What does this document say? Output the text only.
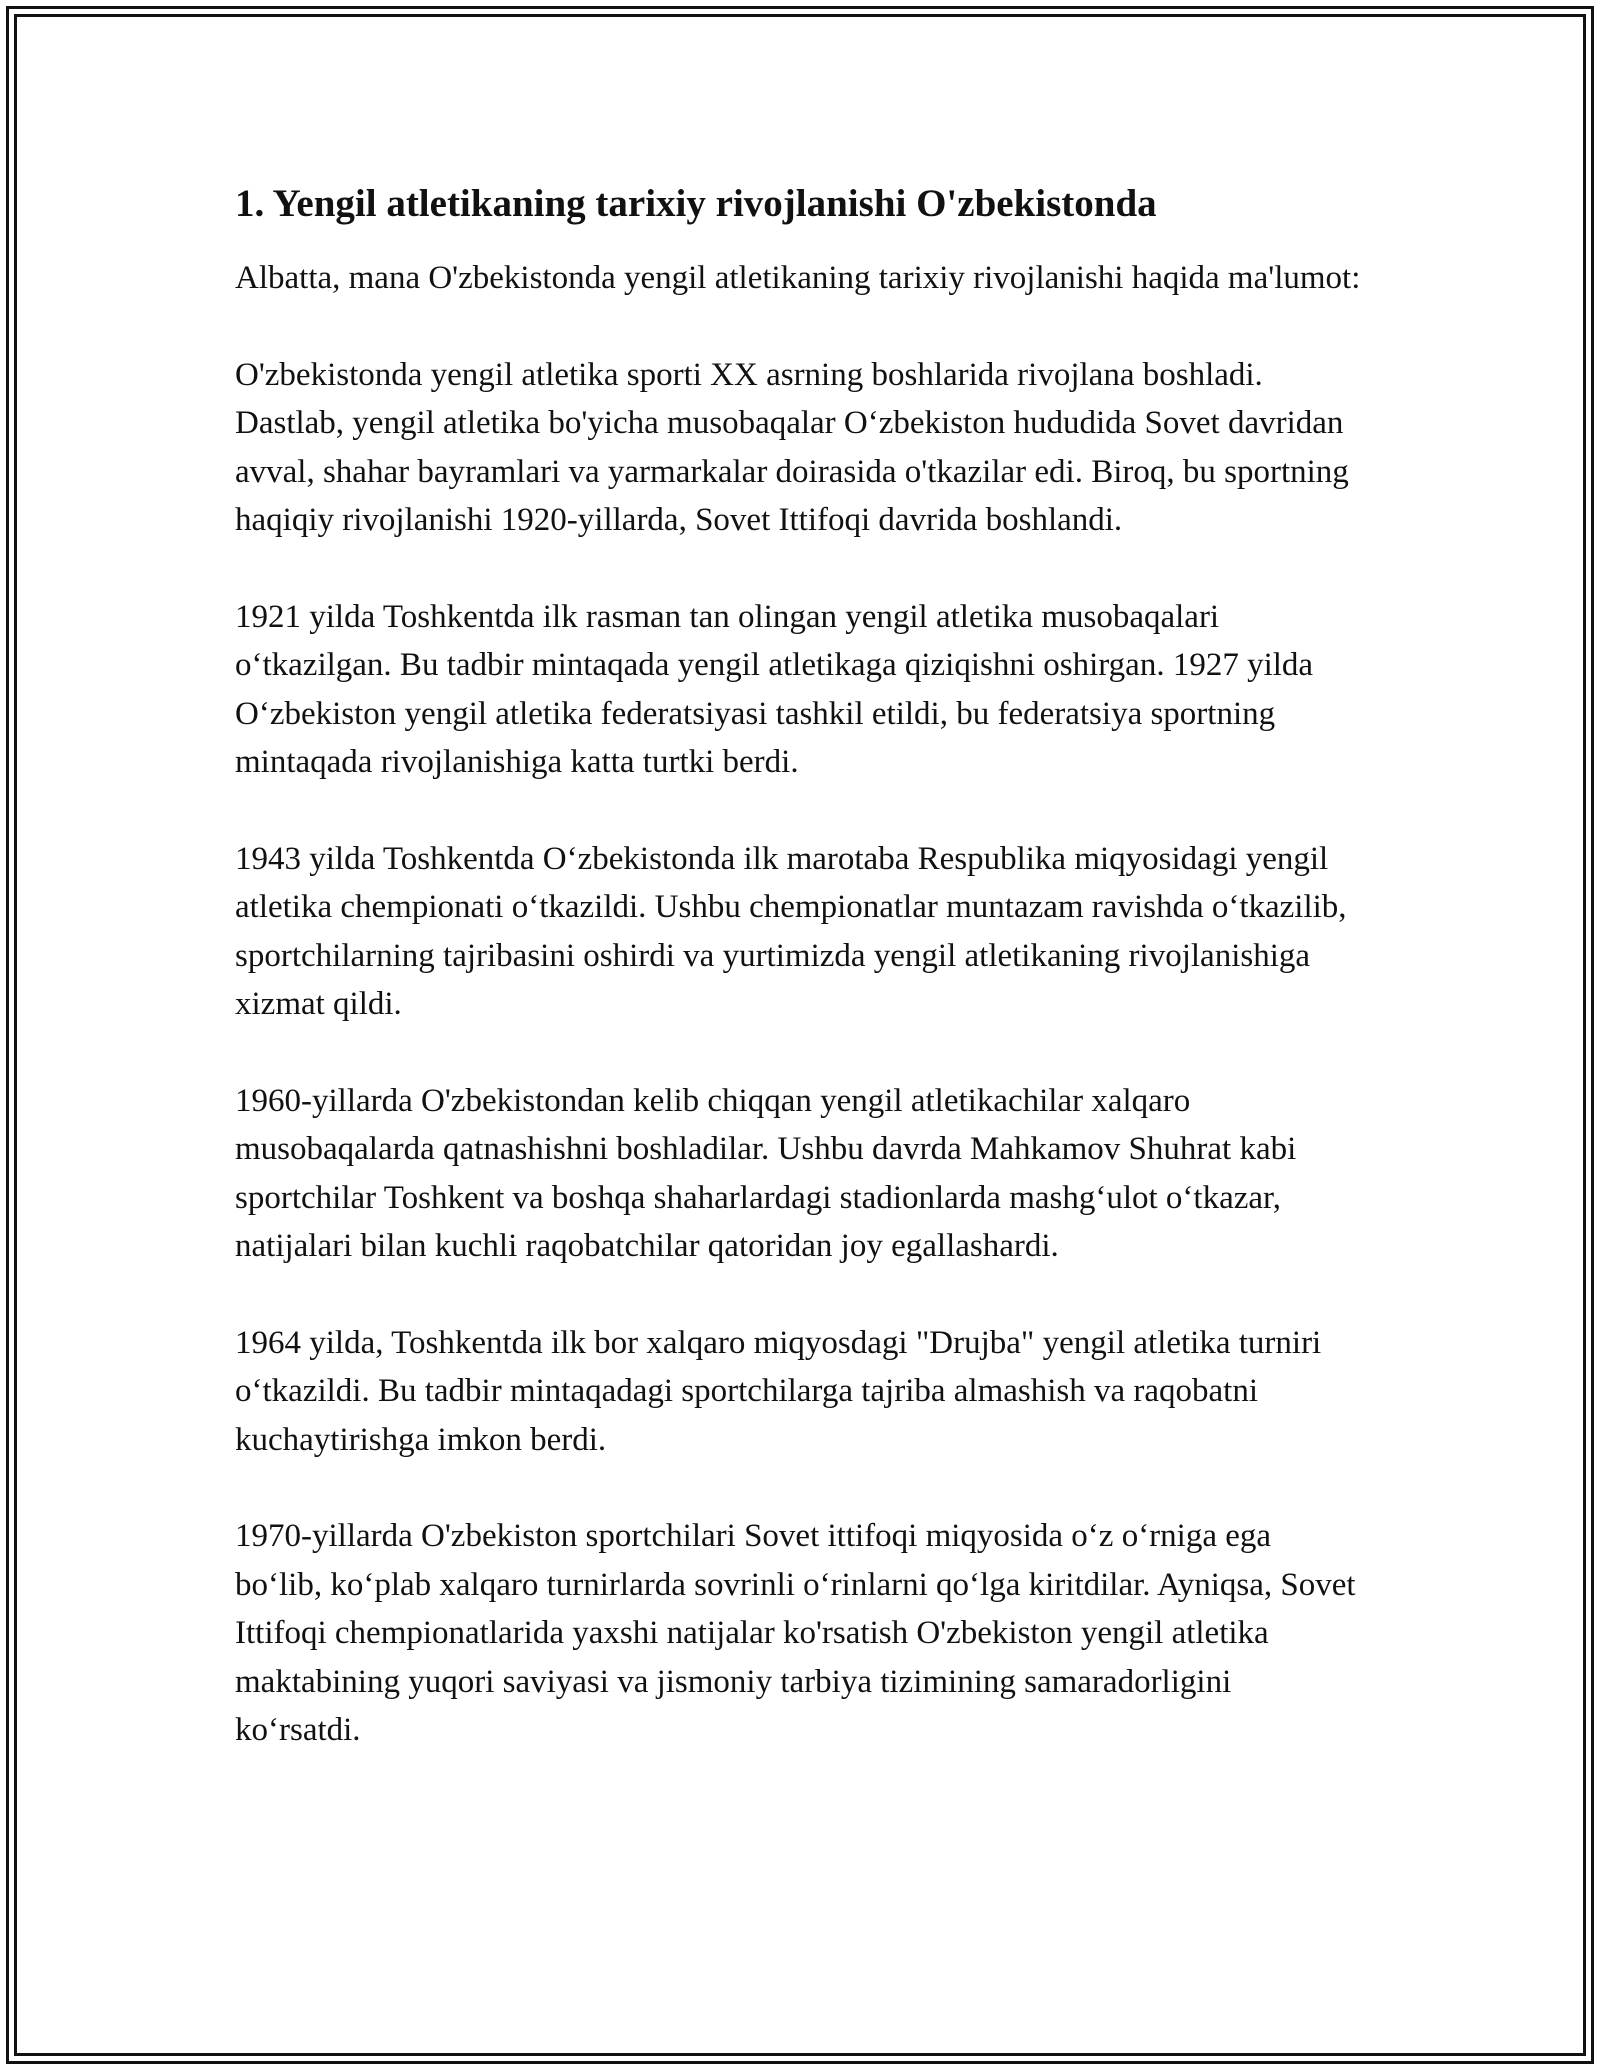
1. Yengil atletikaning tarixiy rivojlanishi O'zbekistonda

Albatta, mana O'zbekistonda yengil atletikaning tarixiy rivojlanishi haqida ma'lumot:

O'zbekistonda yengil atletika sporti XX asrning boshlarida rivojlana boshladi. Dastlab, yengil atletika bo'yicha musobaqalar O‘zbekiston hududida Sovet davridan avval, shahar bayramlari va yarmarkalar doirasida o'tkazilar edi. Biroq, bu sportning haqiqiy rivojlanishi 1920-yillarda, Sovet Ittifoqi davrida boshlandi.

1921 yilda Toshkentda ilk rasman tan olingan yengil atletika musobaqalari o‘tkazilgan. Bu tadbir mintaqada yengil atletikaga qiziqishni oshirgan. 1927 yilda O‘zbekiston yengil atletika federatsiyasi tashkil etildi, bu federatsiya sportning mintaqada rivojlanishiga katta turtki berdi.

1943 yilda Toshkentda O‘zbekistonda ilk marotaba Respublika miqyosidagi yengil atletika chempionati o‘tkazildi. Ushbu chempionatlar muntazam ravishda o‘tkazilib, sportchilarning tajribasini oshirdi va yurtimizda yengil atletikaning rivojlanishiga xizmat qildi.

1960-yillarda O'zbekistondan kelib chiqqan yengil atletikachilar xalqaro musobaqalarda qatnashishni boshladilar. Ushbu davrda Mahkamov Shuhrat kabi sportchilar Toshkent va boshqa shaharlardagi stadionlarda mashg‘ulot o‘tkazar, natijalari bilan kuchli raqobatchilar qatoridan joy egallashardi.

1964 yilda, Toshkentda ilk bor xalqaro miqyosdagi "Drujba" yengil atletika turniri o‘tkazildi. Bu tadbir mintaqadagi sportchilarga tajriba almashish va raqobatni kuchaytirishga imkon berdi.

1970-yillarda O'zbekiston sportchilari Sovet ittifoqi miqyosida o‘z o‘rniga ega bo‘lib, ko‘plab xalqaro turnirlarda sovrinli o‘rinlarni qo‘lga kiritdilar. Ayniqsa, Sovet Ittifoqi chempionatlarida yaxshi natijalar ko'rsatish O'zbekiston yengil atletika maktabining yuqori saviyasi va jismoniy tarbiya tizimining samaradorligini ko‘rsatdi.
